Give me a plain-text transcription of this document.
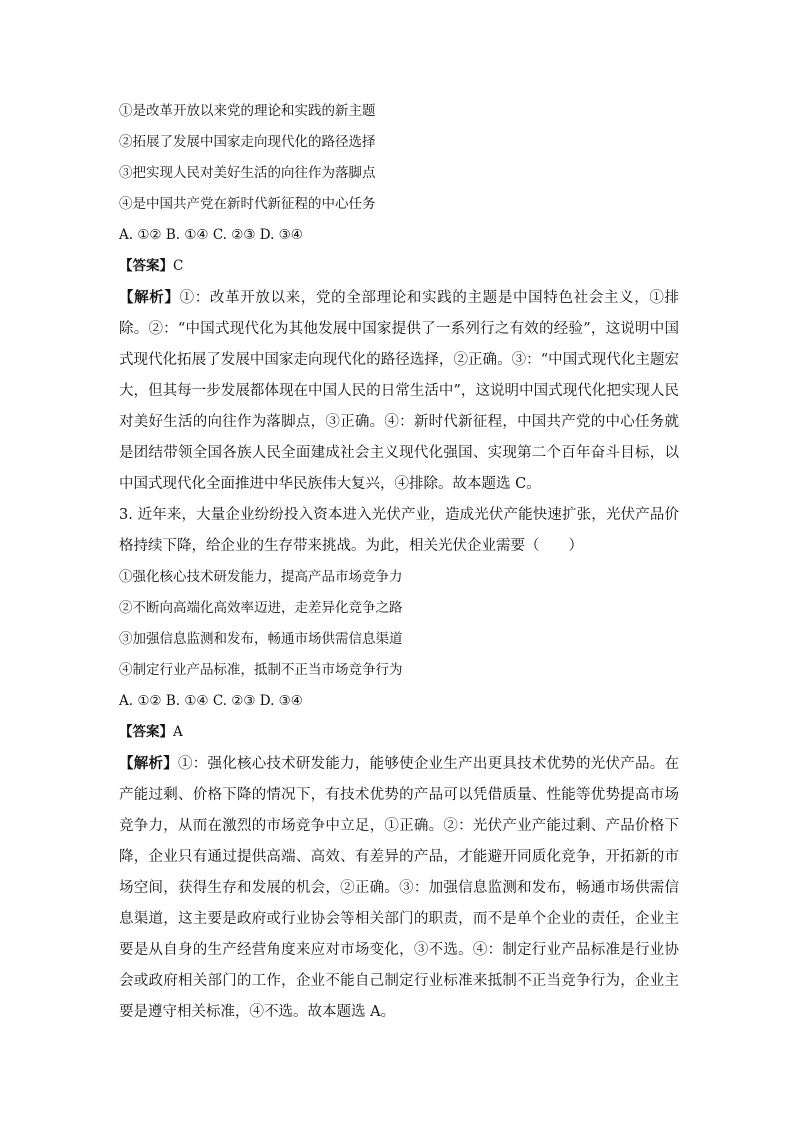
①是改革开放以来党的理论和实践的新主题
②拓展了发展中国家走向现代化的路径选择
③把实现人民对美好生活的向往作为落脚点
④是中国共产党在新时代新征程的中心任务
A. ①② B. ①④ C. ②③ D. ③④
【答案】C
【解析】①：改革开放以来，党的全部理论和实践的主题是中国特色社会主义，①排除。②：“中国式现代化为其他发展中国家提供了一系列行之有效的经验”，这说明中国式现代化拓展了发展中国家走向现代化的路径选择，②正确。③：“中国式现代化主题宏大，但其每一步发展都体现在中国人民的日常生活中”，这说明中国式现代化把实现人民对美好生活的向往作为落脚点，③正确。④：新时代新征程，中国共产党的中心任务就是团结带领全国各族人民全面建成社会主义现代化强国、实现第二个百年奋斗目标，以中国式现代化全面推进中华民族伟大复兴，④排除。故本题选 C。
3. 近年来，大量企业纷纷投入资本进入光伏产业，造成光伏产能快速扩张，光伏产品价格持续下降，给企业的生存带来挑战。为此，相关光伏企业需要（　　）
①强化核心技术研发能力，提高产品市场竞争力
②不断向高端化高效率迈进，走差异化竞争之路
③加强信息监测和发布，畅通市场供需信息渠道
④制定行业产品标准，抵制不正当市场竞争行为
A. ①② B. ①④ C. ②③ D. ③④
【答案】A
【解析】①：强化核心技术研发能力，能够使企业生产出更具技术优势的光伏产品。在产能过剩、价格下降的情况下，有技术优势的产品可以凭借质量、性能等优势提高市场竞争力，从而在激烈的市场竞争中立足，①正确。②：光伏产业产能过剩、产品价格下降，企业只有通过提供高端、高效、有差异的产品，才能避开同质化竞争，开拓新的市场空间，获得生存和发展的机会，②正确。③：加强信息监测和发布，畅通市场供需信息渠道，这主要是政府或行业协会等相关部门的职责，而不是单个企业的责任，企业主要是从自身的生产经营角度来应对市场变化，③不选。④：制定行业产品标准是行业协会或政府相关部门的工作，企业不能自己制定行业标准来抵制不正当竞争行为，企业主要是遵守相关标准，④不选。故本题选 A。
